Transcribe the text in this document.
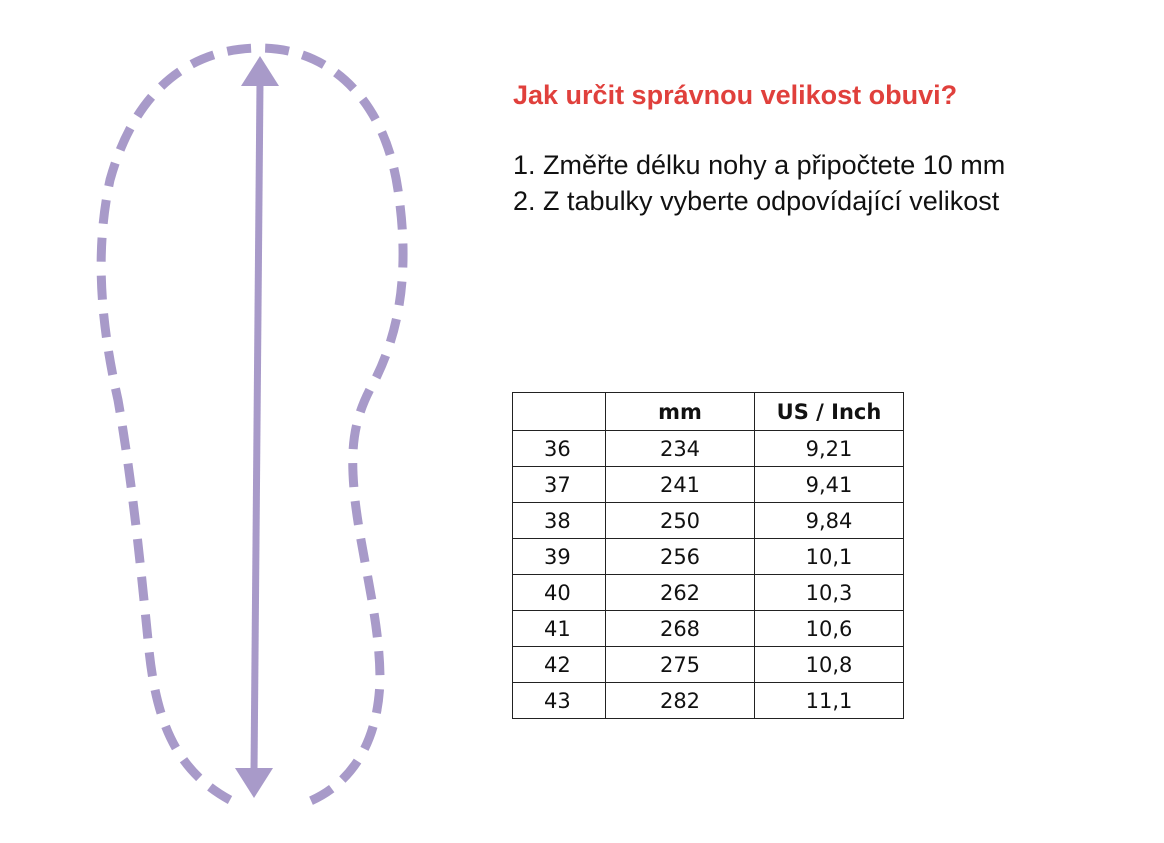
Jak určit správnou velikost obuvi?
1. Změřte délku nohy a připočtete 10 mm
2. Z tabulky vyberte odpovídající velikost
	mm	US / Inch
36	234	9,21
37	241	9,41
38	250	9,84
39	256	10,1
40	262	10,3
41	268	10,6
42	275	10,8
43	282	11,1
